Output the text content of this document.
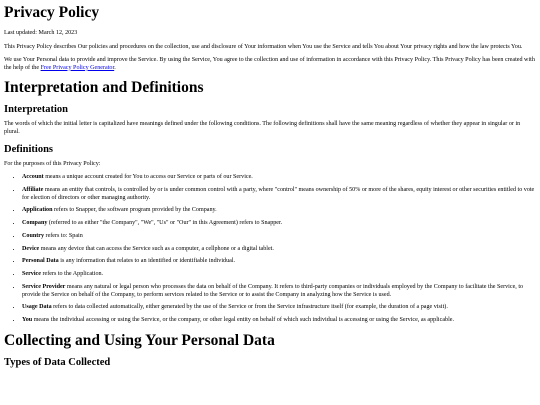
Privacy Policy

Last updated: March 12, 2023

This Privacy Policy describes Our policies and procedures on the collection, use and disclosure of Your information when You use the Service and tells You about Your privacy rights and how the law protects You.

We use Your Personal data to provide and improve the Service. By using the Service, You agree to the collection and use of information in accordance with this Privacy Policy. This Privacy Policy has been created with the help of the Free Privacy Policy Generator.

Interpretation and Definitions
Interpretation

The words of which the initial letter is capitalized have meanings defined under the following conditions. The following definitions shall have the same meaning regardless of whether they appear in singular or in plural.

Definitions

For the purposes of this Privacy Policy:

• Account means a unique account created for You to access our Service or parts of our Service.
• Affiliate means an entity that controls, is controlled by or is under common control with a party, where "control" means ownership of 50% or more of the shares, equity interest or other securities entitled to vote for election of directors or other managing authority.
• Application refers to Snapper, the software program provided by the Company.
• Company (referred to as either "the Company", "We", "Us" or "Our" in this Agreement) refers to Snapper.
• Country refers to: Spain
• Device means any device that can access the Service such as a computer, a cellphone or a digital tablet.
• Personal Data is any information that relates to an identified or identifiable individual.
• Service refers to the Application.
• Service Provider means any natural or legal person who processes the data on behalf of the Company. It refers to third-party companies or individuals employed by the Company to facilitate the Service, to provide the Service on behalf of the Company, to perform services related to the Service or to assist the Company in analyzing how the Service is used.
• Usage Data refers to data collected automatically, either generated by the use of the Service or from the Service infrastructure itself (for example, the duration of a page visit).
• You means the individual accessing or using the Service, or the company, or other legal entity on behalf of which such individual is accessing or using the Service, as applicable.
Collecting and Using Your Personal Data
Types of Data Collected
